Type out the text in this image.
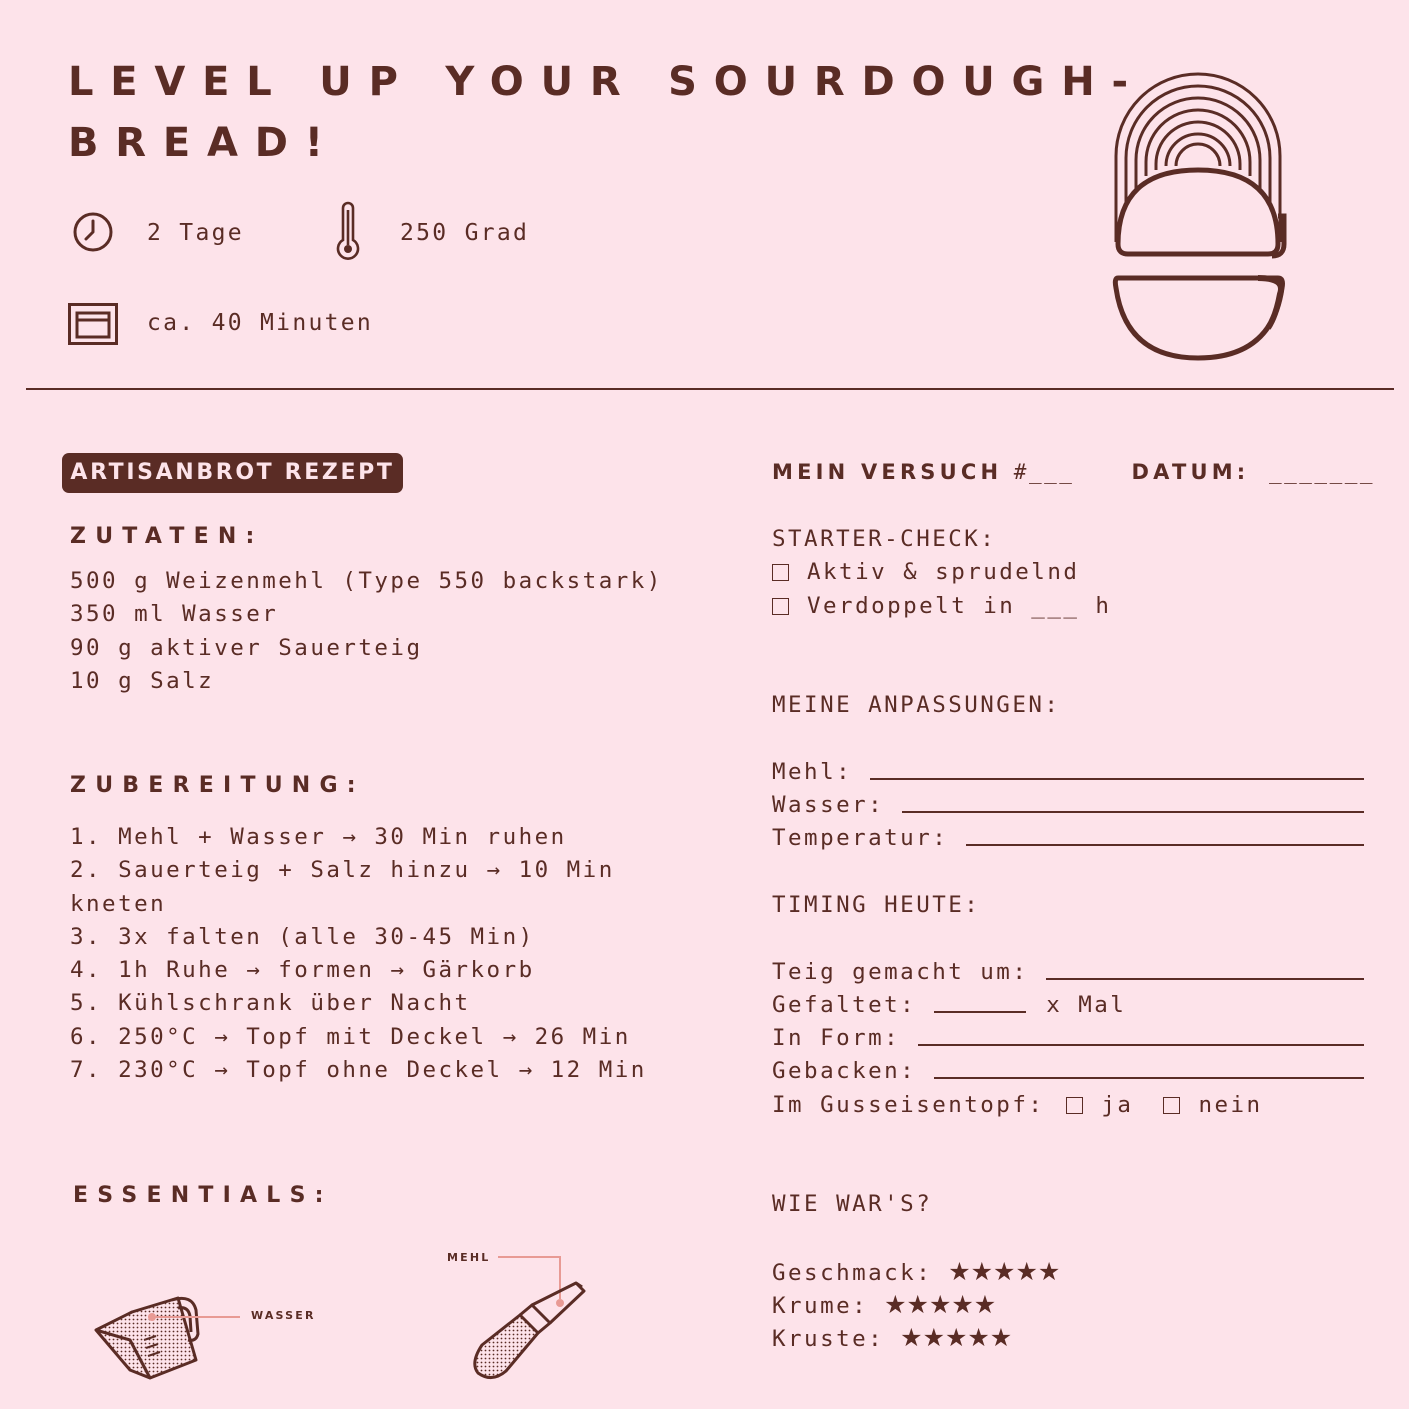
LEVEL UP YOUR SOURDOUGH-
BREAD!
2 Tage	250 Grad
ca. 40 Minuten
ARTISANBROT REZEPT
ZUTATEN:
500 g Weizenmehl (Type 550 backstark)
350 ml Wasser
90 g aktiver Sauerteig
10 g Salz
ZUBEREITUNG:
1. Mehl + Wasser → 30 Min ruhen
2. Sauerteig + Salz hinzu → 10 Min
kneten
3. 3x falten (alle 30-45 Min)
4. 1h Ruhe → formen → Gärkorb
5. Kühlschrank über Nacht
6. 250°C → Topf mit Deckel → 26 Min
7. 230°C → Topf ohne Deckel → 12 Min
ESSENTIALS:
WASSER
MEHL
MEIN VERSUCH #___	DATUM: _______
STARTER-CHECK:
Aktiv & sprudelnd
Verdoppelt in ___ h
MEINE ANPASSUNGEN:
Mehl:
Wasser:
Temperatur:
TIMING HEUTE:
Teig gemacht um:
Gefaltet:	x Mal
In Form:
Gebacken:
Im Gusseisentopf:	ja	nein
WIE WAR'S?
Geschmack: ★★★★★
Krume: ★★★★★
Kruste: ★★★★★
